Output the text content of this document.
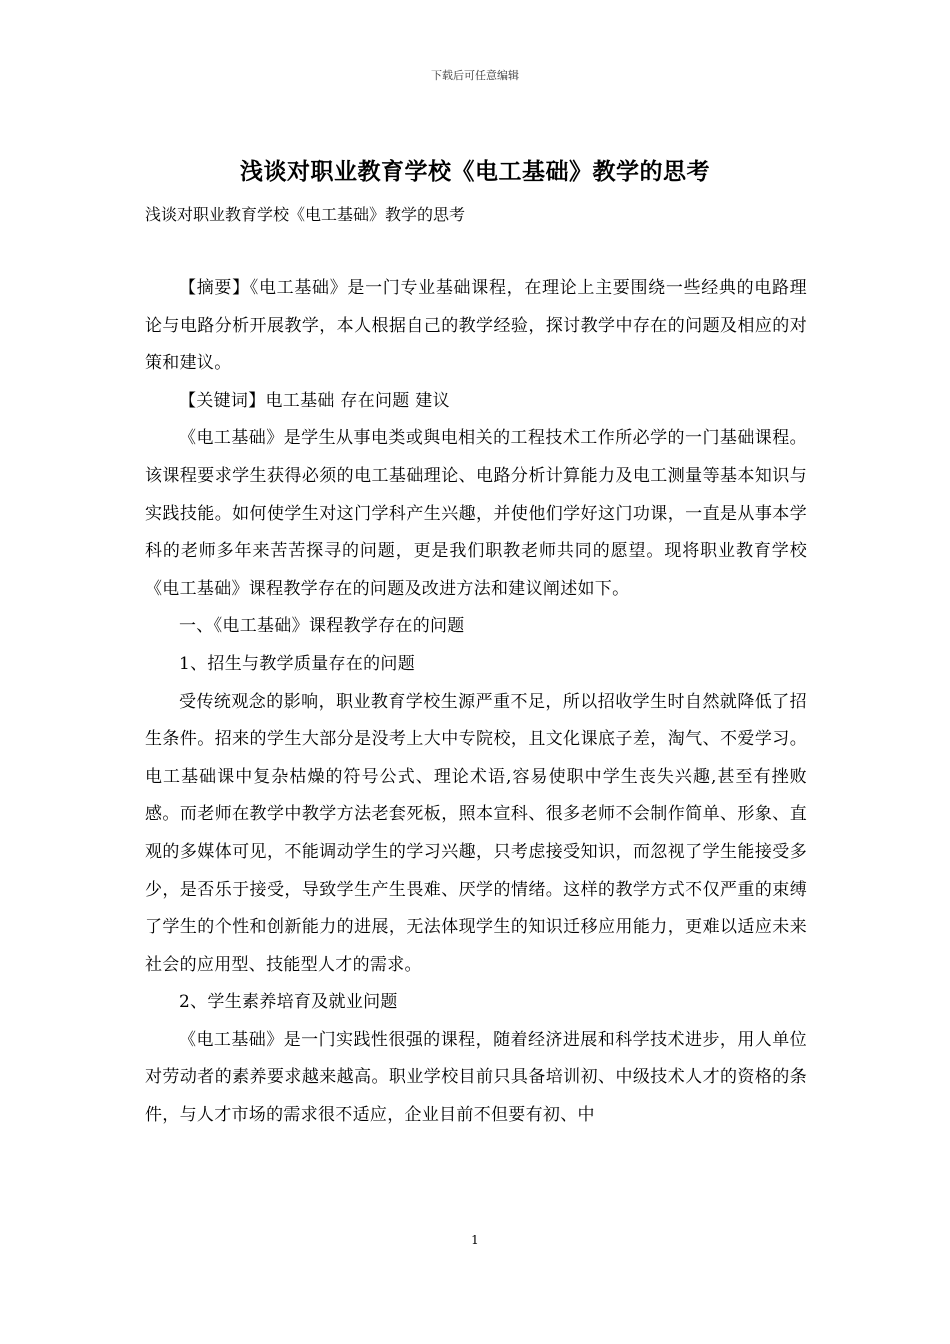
下载后可任意编辑
浅谈对职业教育学校《电工基础》教学的思考
浅谈对职业教育学校《电工基础》教学的思考

【摘要】《电工基础》是一门专业基础课程，在理论上主要围绕一些经典的电路理论与电路分析开展教学，本人根据自己的教学经验，探讨教学中存在的问题及相应的对策和建议。

【关键词】电工基础 存在问题 建议

《电工基础》是学生从事电类或與电相关的工程技术工作所必学的一门基础课程。该课程要求学生获得必须的电工基础理论、电路分析计算能力及电工测量等基本知识与实践技能。如何使学生对这门学科产生兴趣，并使他们学好这门功课，一直是从事本学科的老师多年来苦苦探寻的问题，更是我们职教老师共同的愿望。现将职业教育学校《电工基础》课程教学存在的问题及改进方法和建议阐述如下。

一、《电工基础》课程教学存在的问题

1、招生与教学质量存在的问题

受传统观念的影响，职业教育学校生源严重不足，所以招收学生时自然就降低了招生条件。招来的学生大部分是没考上大中专院校，且文化课底子差，淘气、不爱学习。电工基础课中复杂枯燥的符号公式、理论术语,容易使职中学生丧失兴趣,甚至有挫败感。而老师在教学中教学方法老套死板，照本宣科、很多老师不会制作简单、形象、直观的多媒体可见，不能调动学生的学习兴趣，只考虑接受知识，而忽视了学生能接受多少，是否乐于接受，导致学生产生畏难、厌学的情绪。这样的教学方式不仅严重的束缚了学生的个性和创新能力的进展，无法体现学生的知识迁移应用能力，更难以适应未来社会的应用型、技能型人才的需求。

2、学生素养培育及就业问题

《电工基础》是一门实践性很强的课程，随着经济进展和科学技术进步，用人单位对劳动者的素养要求越来越高。职业学校目前只具备培训初、中级技术人才的资格的条件，与人才市场的需求很不适应，企业目前不但要有初、中

1
